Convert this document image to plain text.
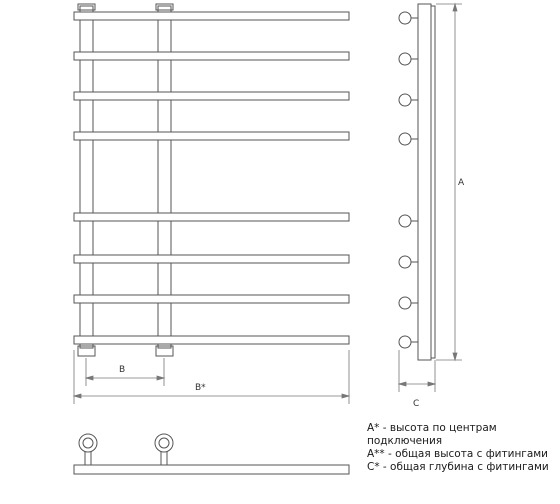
B
B*
A
C

A* - высота по центрам подключения

A** - общая высота с фитингами

C* - общая глубина с фитингами
